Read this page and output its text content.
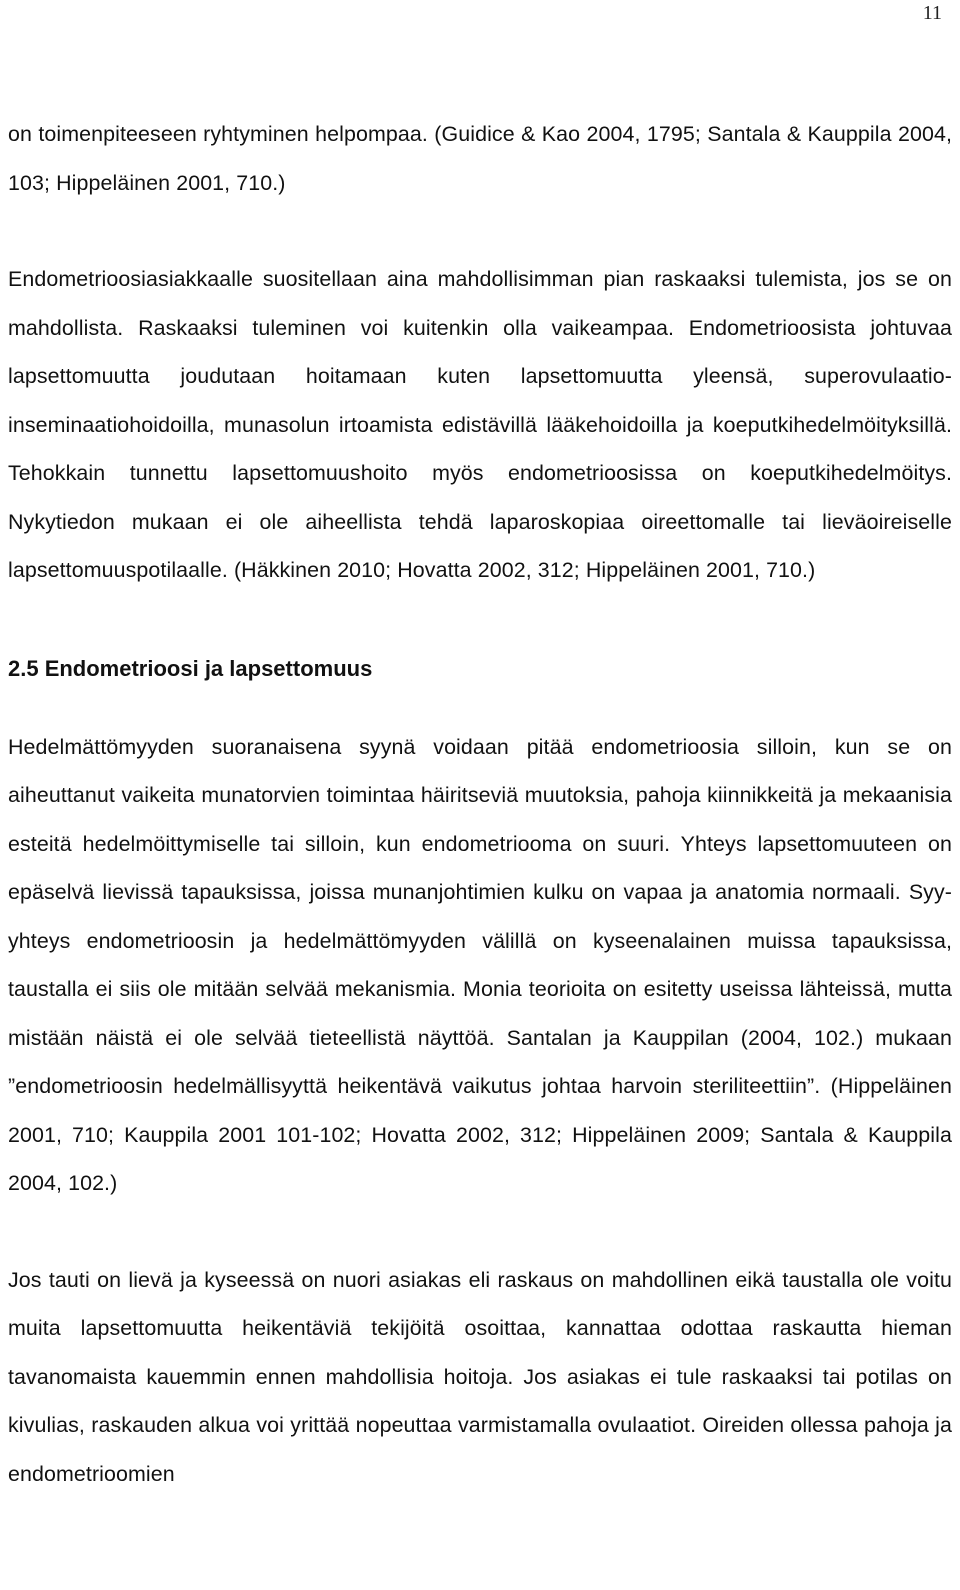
11

on toimenpiteeseen ryhtyminen helpompaa. (Guidice & Kao 2004, 1795; Santala & Kauppila 2004, 103; Hippeläinen 2001, 710.)

Endometrioosiasiakkaalle suositellaan aina mahdollisimman pian raskaaksi tulemista, jos se on mahdollista. Raskaaksi tuleminen voi kuitenkin olla vaikeampaa. Endometrioosista johtuvaa lapsettomuutta joudutaan hoitamaan kuten lapsettomuutta yleensä, superovulaatio-inseminaatiohoidoilla, munasolun irtoamista edistävillä lääkehoidoilla ja koeputkihedelmöityksillä. Tehokkain tunnettu lapsettomuushoito myös endometrioosissa on koeputkihedelmöitys. Nykytiedon mukaan ei ole aiheellista tehdä laparoskopiaa oireettomalle tai lieväoireiselle lapsettomuuspotilaalle. (Häkkinen 2010; Hovatta 2002, 312; Hippeläinen 2001, 710.)

2.5 Endometrioosi ja lapsettomuus

Hedelmättömyyden suoranaisena syynä voidaan pitää endometrioosia silloin, kun se on aiheuttanut vaikeita munatorvien toimintaa häiritseviä muutoksia, pahoja kiinnikkeitä ja mekaanisia esteitä hedelmöittymiselle tai silloin, kun endometriooma on suuri. Yhteys lapsettomuuteen on epäselvä lievissä tapauksissa, joissa munanjohtimien kulku on vapaa ja anatomia normaali. Syy-yhteys endometrioosin ja hedelmättömyyden välillä on kyseenalainen muissa tapauksissa, taustalla ei siis ole mitään selvää mekanismia. Monia teorioita on esitetty useissa lähteissä, mutta mistään näistä ei ole selvää tieteellistä näyttöä. Santalan ja Kauppilan (2004, 102.) mukaan ”endometrioosin hedelmällisyyttä heikentävä vaikutus johtaa harvoin steriliteettiin”. (Hippeläinen 2001, 710; Kauppila 2001 101-102; Hovatta 2002, 312; Hippeläinen 2009; Santala & Kauppila 2004, 102.)

Jos tauti on lievä ja kyseessä on nuori asiakas eli raskaus on mahdollinen eikä taustalla ole voitu muita lapsettomuutta heikentäviä tekijöitä osoittaa, kannattaa odottaa raskautta hieman tavanomaista kauemmin ennen mahdollisia hoitoja. Jos asiakas ei tule raskaaksi tai potilas on kivulias, raskauden alkua voi yrittää nopeuttaa varmistamalla ovulaatiot. Oireiden ollessa pahoja ja endometrioomien
